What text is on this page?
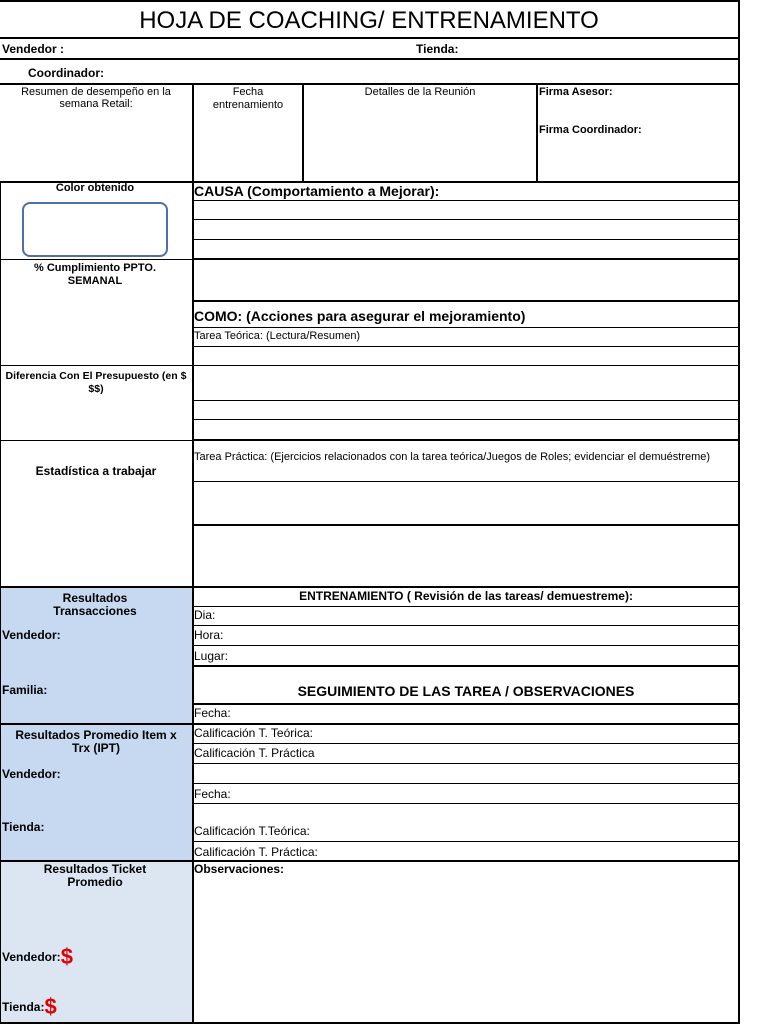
HOJA DE COACHING/ ENTRENAMIENTO
Vendedor :	Tienda:
Coordinador:
Resumen de desempeño en la semana Retail:
Fecha entrenamiento
Detalles de la Reunión	Firma Asesor:
Firma Coordinador:
Color obtenido
% Cumplimiento PPTO. SEMANAL
Diferencia Con El Presupuesto (en $ $$)
Estadística a trabajar
CAUSA (Comportamiento a Mejorar):
COMO: (Acciones para asegurar el mejoramiento)
Tarea Teórica: (Lectura/Resumen)
Tarea Práctica: (Ejercicios relacionados con la tarea teórica/Juegos de Roles; evidenciar el demuéstreme)
Resultados Transacciones
Vendedor:
Familia:
Resultados Promedio Item x Trx (IPT)
Vendedor:
Tienda:
Resultados Ticket Promedio
Vendedor:$
Tienda:$
ENTRENAMIENTO ( Revisión de las tareas/ demuestreme):
Dia:
Hora:
Lugar:
SEGUIMIENTO DE LAS TAREA / OBSERVACIONES
Fecha:
Calificación T. Teórica:
Calificación T. Práctica
Fecha:
Calificación T.Teórica:
Calificación T. Práctica:
Observaciones:
